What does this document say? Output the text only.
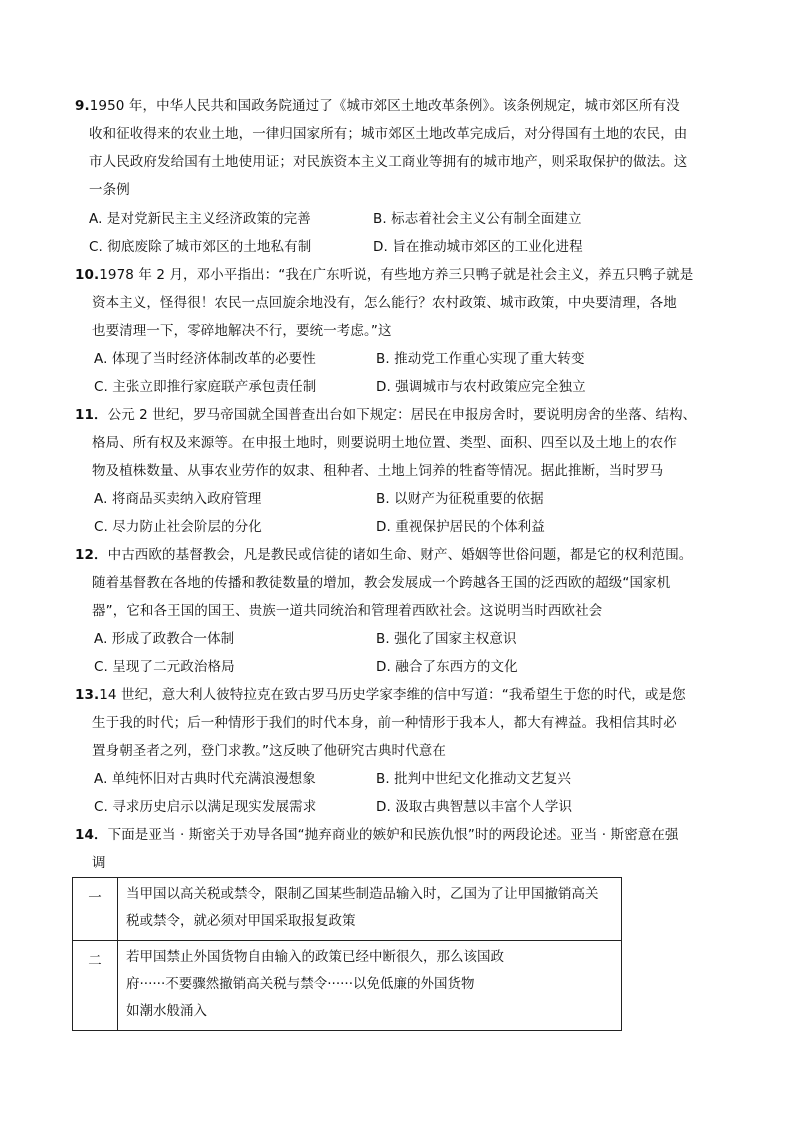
9.1950 年，中华人民共和国政务院通过了《城市郊区土地改革条例》。该条例规定，城市郊区所有没
收和征收得来的农业土地，一律归国家所有；城市郊区土地改革完成后，对分得国有土地的农民，由
市人民政府发给国有土地使用证；对民族资本主义工商业等拥有的城市地产，则采取保护的做法。这
一条例
A. 是对党新民主主义经济政策的完善	B. 标志着社会主义公有制全面建立
C. 彻底废除了城市郊区的土地私有制	D. 旨在推动城市郊区的工业化进程
10.1978 年 2 月，邓小平指出：“我在广东听说，有些地方养三只鸭子就是社会主义，养五只鸭子就是
资本主义，怪得很！农民一点回旋余地没有，怎么能行？农村政策、城市政策，中央要清理，各地
也要清理一下，零碎地解决不行，要统一考虑。”这
A. 体现了当时经济体制改革的必要性	B. 推动党工作重心实现了重大转变
C. 主张立即推行家庭联产承包责任制	D. 强调城市与农村政策应完全独立
11．公元 2 世纪，罗马帝国就全国普查出台如下规定：居民在申报房舍时，要说明房舍的坐落、结构、
格局、所有权及来源等。在申报土地时，则要说明土地位置、类型、面积、四至以及土地上的农作
物及植株数量、从事农业劳作的奴隶、租种者、土地上饲养的牲畜等情况。据此推断，当时罗马
A. 将商品买卖纳入政府管理	B. 以财产为征税重要的依据
C. 尽力防止社会阶层的分化	D. 重视保护居民的个体利益
12．中古西欧的基督教会，凡是教民或信徒的诸如生命、财产、婚姻等世俗问题，都是它的权利范围。
随着基督教在各地的传播和教徒数量的增加，教会发展成一个跨越各王国的泛西欧的超级“国家机
器”，它和各王国的国王、贵族一道共同统治和管理着西欧社会。这说明当时西欧社会
A. 形成了政教合一体制	B. 强化了国家主权意识
C. 呈现了二元政治格局	D. 融合了东西方的文化
13.14 世纪，意大利人彼特拉克在致古罗马历史学家李维的信中写道：“我希望生于您的时代，或是您
生于我的时代；后一种情形于我们的时代本身，前一种情形于我本人，都大有裨益。我相信其时必
置身朝圣者之列，登门求教。”这反映了他研究古典时代意在
A. 单纯怀旧对古典时代充满浪漫想象	B. 批判中世纪文化推动文艺复兴
C. 寻求历史启示以满足现实发展需求	D. 汲取古典智慧以丰富个人学识
14．下面是亚当 · 斯密关于劝导各国“抛弃商业的嫉妒和民族仇恨”时的两段论述。亚当 · 斯密意在强
调
一	当甲国以高关税或禁令，限制乙国某些制造品输入时，乙国为了让甲国撤销高关
税或禁令，就必须对甲国采取报复政策

二	若甲国禁止外国货物自由输入的政策已经中断很久，那么该国政
府······不要骤然撤销高关税与禁令······以免低廉的外国货物
如潮水般涌入
